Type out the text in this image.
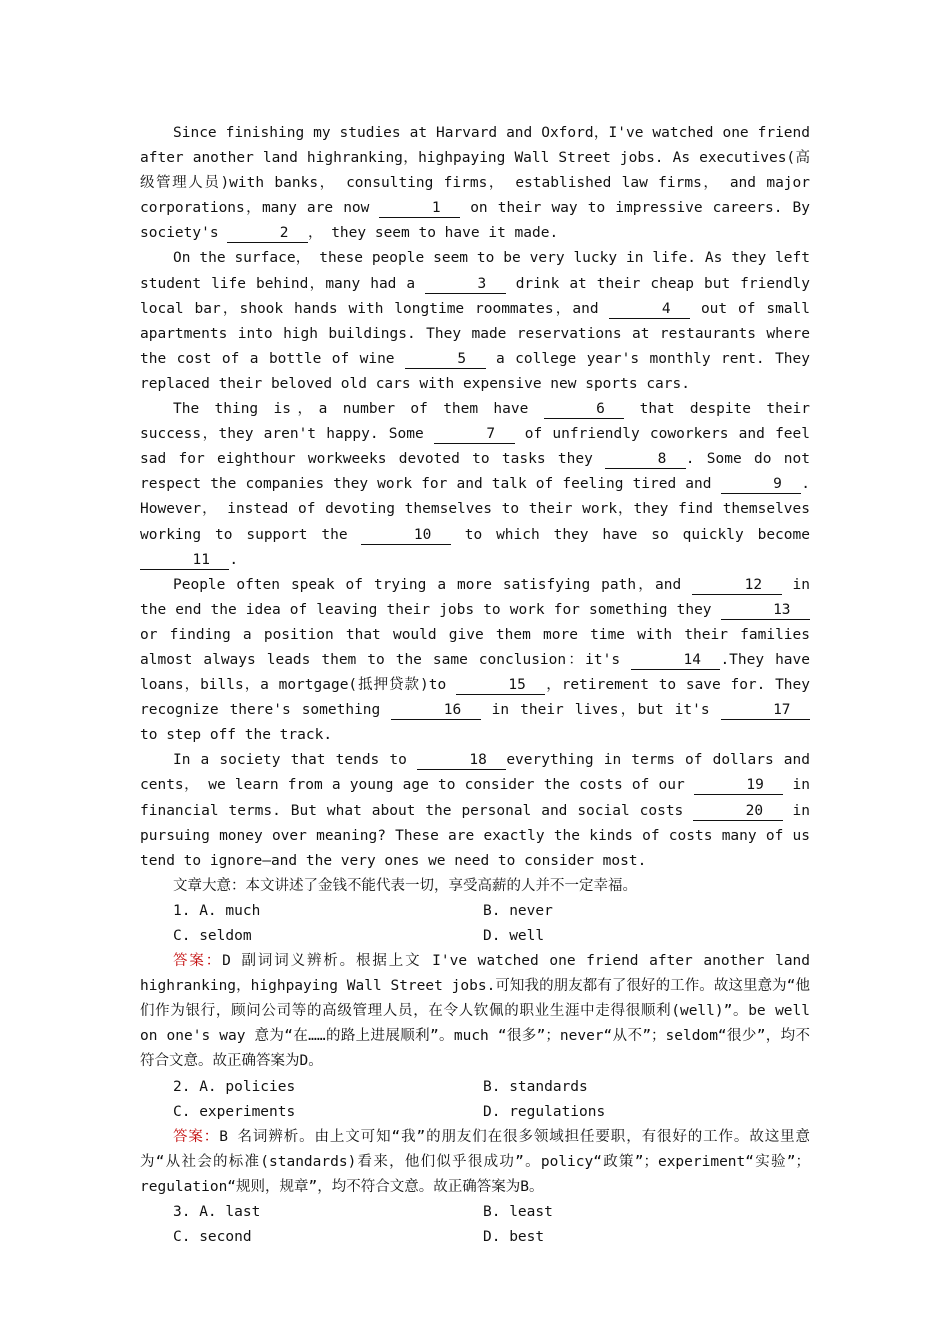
Since finishing my studies at Harvard and Oxford，I've watched one friend after another land highranking，highpaying Wall Street jobs. As executives(高级管理人员)with banks， consulting firms， established law firms， and major corporations，many are now   1   on their way to impressive careers. By society's   2  ， they seem to have it made.

On the surface， these people seem to be very lucky in life. As they left student life behind，many had a   3   drink at their cheap but friendly local bar，shook hands with longtime roommates，and   4   out of small apartments into high buildings. They made reservations at restaurants where the cost of a bottle of wine   5   a college year's monthly rent. They replaced their beloved old cars with expensive new sports cars.

The thing is，a number of them have   6   that despite their success，they aren't happy. Some   7   of unfriendly coworkers and feel sad for eighthour workweeks devoted to tasks they   8  . Some do not respect the companies they work for and talk of feeling tired and   9  . However， instead of devoting themselves to their work，they find themselves working to support the   10   to which they have so quickly become   11  .

People often speak of trying a more satisfying path，and   12   in the end the idea of leaving their jobs to work for something they   13   or finding a position that would give them more time with their families almost always leads them to the same conclusion：it's   14  .They have loans，bills，a mortgage(抵押贷款)to   15  ，retirement to save for. They recognize there's something   16   in their lives，but it's   17   to step off the track.

In a society that tends to   18  everything in terms of dollars and cents， we learn from a young age to consider the costs of our   19   in financial terms. But what about the personal and social costs   20   in pursuing money over meaning? These are exactly the kinds of costs many of us tend to ignore—and the very ones we need to consider most.

文章大意：本文讲述了金钱不能代表一切，享受高薪的人并不一定幸福。
1. A. much	B. never
C. seldom	D. well

答案：D 副词词义辨析。根据上文 I've watched one friend after another land highranking，highpaying Wall Street jobs.可知我的朋友都有了很好的工作。故这里意为“他们作为银行，顾问公司等的高级管理人员，在令人钦佩的职业生涯中走得很顺利(well)”。be well on one's way 意为“在……的路上进展顺利”。much “很多”；never“从不”；seldom“很少”，均不符合文意。故正确答案为D。

2. A. policies	B. standards
C. experiments	D. regulations

答案：B 名词辨析。由上文可知“我”的朋友们在很多领域担任要职，有很好的工作。故这里意为“从社会的标准(standards)看来，他们似乎很成功”。policy“政策”；experiment“实验”；regulation“规则，规章”，均不符合文意。故正确答案为B。

3. A. last	B. least
C. second	D. best
